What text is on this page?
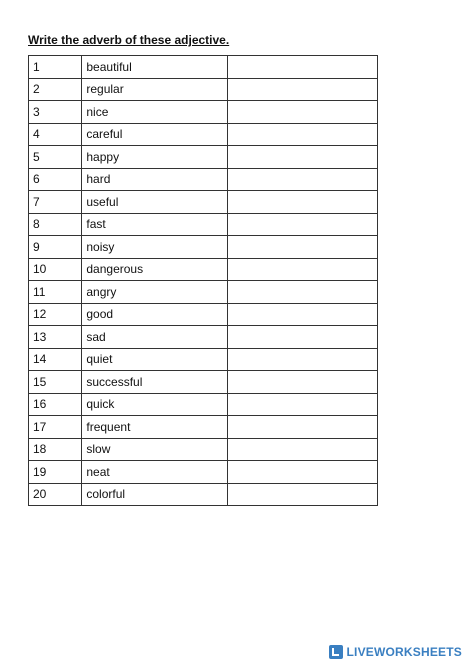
Write the adverb of these adjective.
1	beautiful	
2	regular	
3	nice	
4	careful	
5	happy	
6	hard	
7	useful	
8	fast	
9	noisy	
10	dangerous	
11	angry	
12	good	
13	sad	
14	quiet	
15	successful	
16	quick	
17	frequent	
18	slow	
19	neat	
20	colorful	
LIVEWORKSHEETS
